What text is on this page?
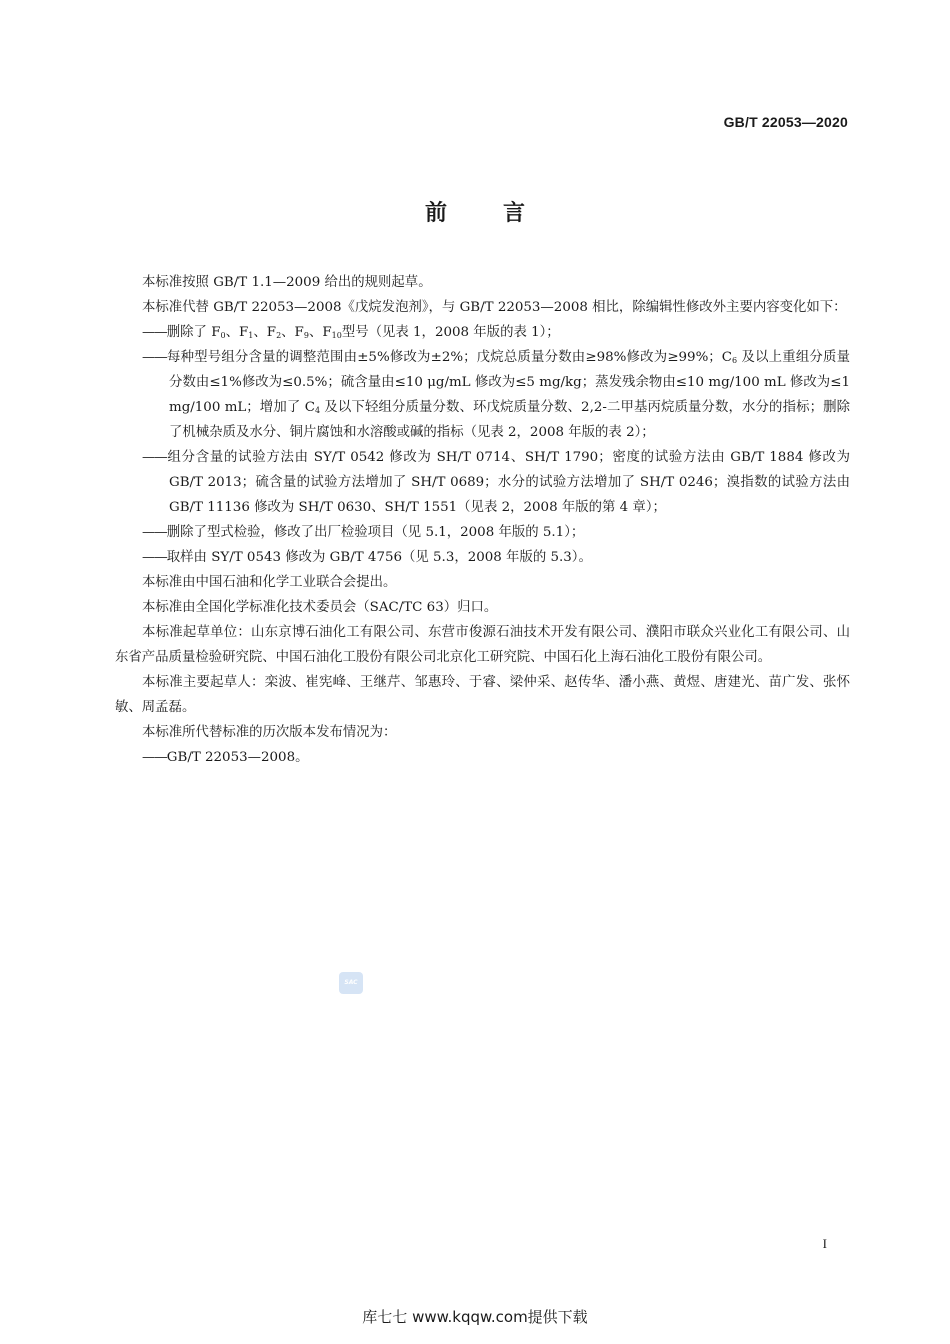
GB/T 22053—2020
前	言

本标准按照 GB/T 1.1—2009 给出的规则起草。

本标准代替 GB/T 22053—2008《戊烷发泡剂》，与 GB/T 22053—2008 相比，除编辑性修改外主要内容变化如下：

——删除了 $F_0$、$F_1$、$F_2$、$F_9$、$F_{10}$型号（见表 1，2008 年版的表 1）；

——每种型号组分含量的调整范围由±5%修改为±2%；戊烷总质量分数由≥98%修改为≥99%；$C_6$ 及以上重组分质量分数由≤1%修改为≤0.5%；硫含量由≤10 μg/mL 修改为≤5 mg/kg；蒸发残余物由≤10 mg/100 mL 修改为≤1 mg/100 mL；增加了 $C_4$ 及以下轻组分质量分数、环戊烷质量分数、2,2-二甲基丙烷质量分数，水分的指标；删除了机械杂质及水分、铜片腐蚀和水溶酸或碱的指标（见表 2，2008 年版的表 2）；

——组分含量的试验方法由 SY/T 0542 修改为 SH/T 0714、SH/T 1790；密度的试验方法由 GB/T 1884 修改为 GB/T 2013；硫含量的试验方法增加了 SH/T 0689；水分的试验方法增加了 SH/T 0246；溴指数的试验方法由 GB/T 11136 修改为 SH/T 0630、SH/T 1551（见表 2，2008 年版的第 4 章）；

——删除了型式检验，修改了出厂检验项目（见 5.1，2008 年版的 5.1）；

——取样由 SY/T 0543 修改为 GB/T 4756（见 5.3，2008 年版的 5.3）。

本标准由中国石油和化学工业联合会提出。

本标准由全国化学标准化技术委员会（SAC/TC 63）归口。

本标准起草单位：山东京博石油化工有限公司、东营市俊源石油技术开发有限公司、濮阳市联众兴业化工有限公司、山东省产品质量检验研究院、中国石油化工股份有限公司北京化工研究院、中国石化上海石油化工股份有限公司。

本标准主要起草人：栾波、崔宪峰、王继芹、邹惠玲、于睿、梁仲采、赵传华、潘小燕、黄煜、唐建光、苗广发、张怀敏、周孟磊。

本标准所代替标准的历次版本发布情况为：

——GB/T 22053—2008。

SAC
I
库七七 www.kqqw.com提供下载
